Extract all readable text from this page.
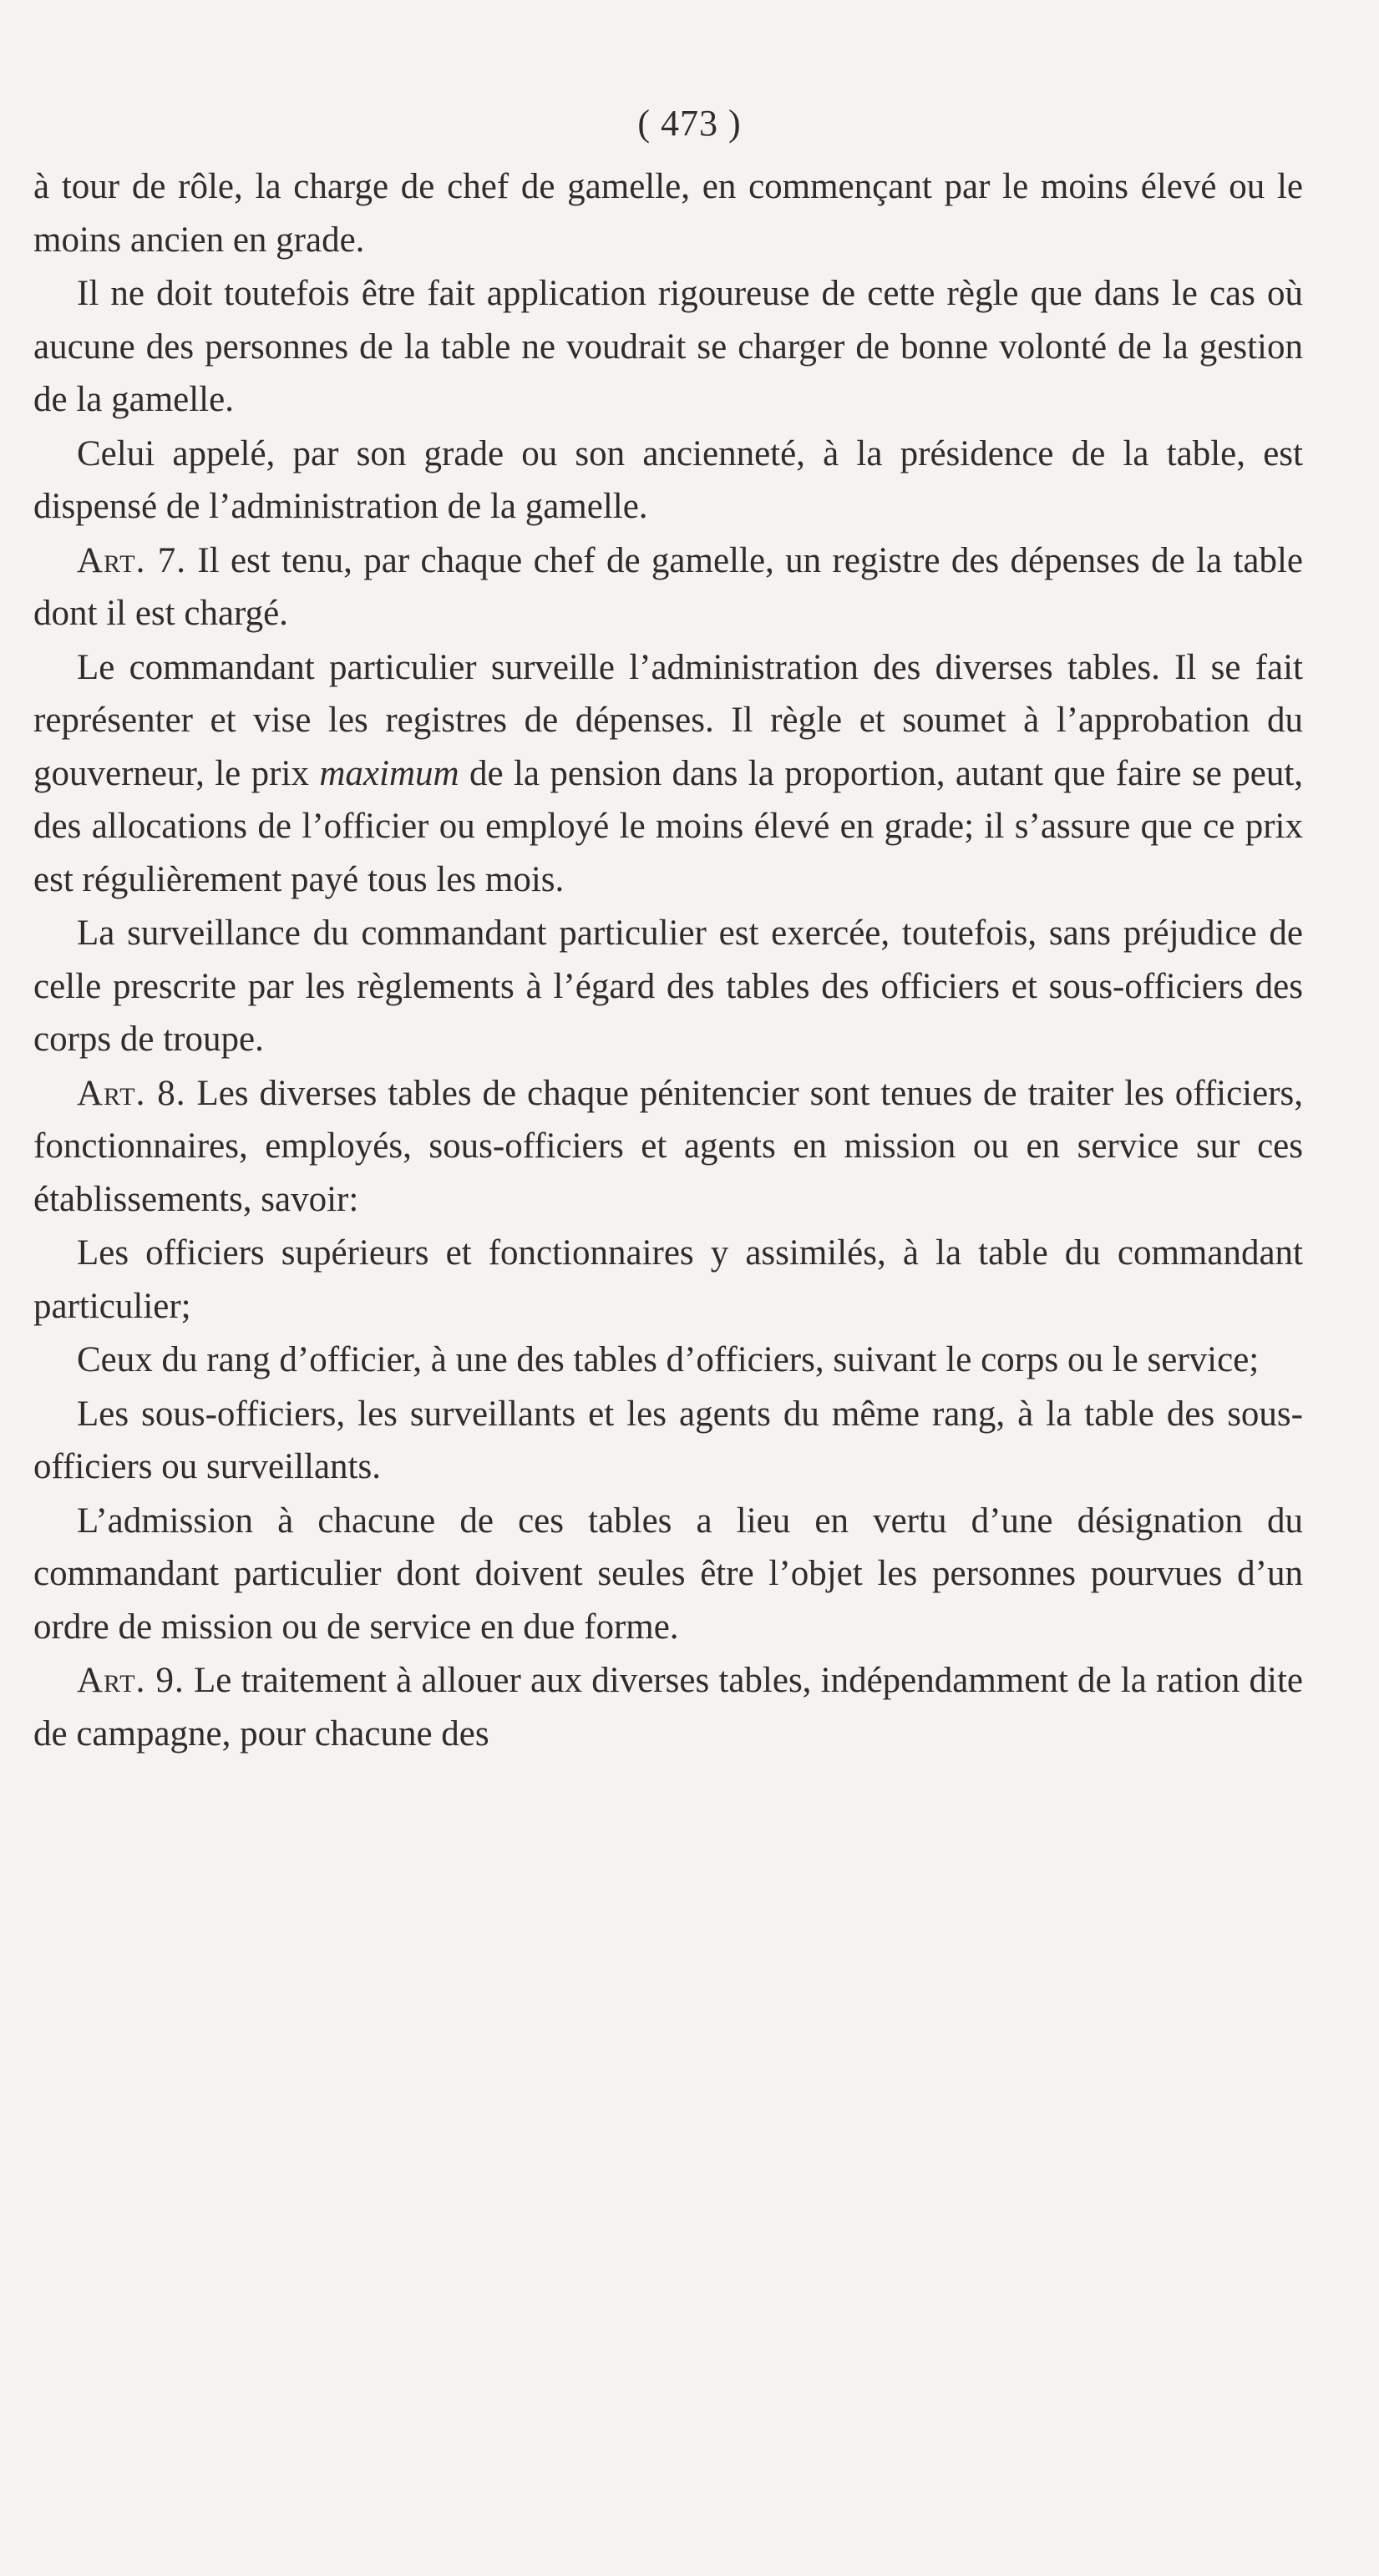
( 473 )

à tour de rôle, la charge de chef de gamelle, en commençant par le moins élevé ou le moins ancien en grade.

Il ne doit toutefois être fait application rigoureuse de cette règle que dans le cas où aucune des personnes de la table ne voudrait se charger de bonne volonté de la gestion de la gamelle.

Celui appelé, par son grade ou son ancienneté, à la présidence de la table, est dispensé de l’administration de la gamelle.

Art. 7. Il est tenu, par chaque chef de gamelle, un registre des dépenses de la table dont il est chargé.

Le commandant particulier surveille l’administration des diverses tables. Il se fait représenter et vise les registres de dépenses. Il règle et soumet à l’approbation du gouverneur, le prix maximum de la pension dans la proportion, autant que faire se peut, des allocations de l’officier ou employé le moins élevé en grade; il s’assure que ce prix est régulièrement payé tous les mois.

La surveillance du commandant particulier est exercée, toutefois, sans préjudice de celle prescrite par les règlements à l’égard des tables des officiers et sous-officiers des corps de troupe.

Art. 8. Les diverses tables de chaque pénitencier sont tenues de traiter les officiers, fonctionnaires, employés, sous-officiers et agents en mission ou en service sur ces établissements, savoir:

Les officiers supérieurs et fonctionnaires y assimilés, à la table du commandant particulier;

Ceux du rang d’officier, à une des tables d’officiers, suivant le corps ou le service;

Les sous-officiers, les surveillants et les agents du même rang, à la table des sous-officiers ou surveillants.

L’admission à chacune de ces tables a lieu en vertu d’une désignation du commandant particulier dont doivent seules être l’objet les personnes pourvues d’un ordre de mission ou de service en due forme.

Art. 9. Le traitement à allouer aux diverses tables, indépendamment de la ration dite de campagne, pour chacune des
